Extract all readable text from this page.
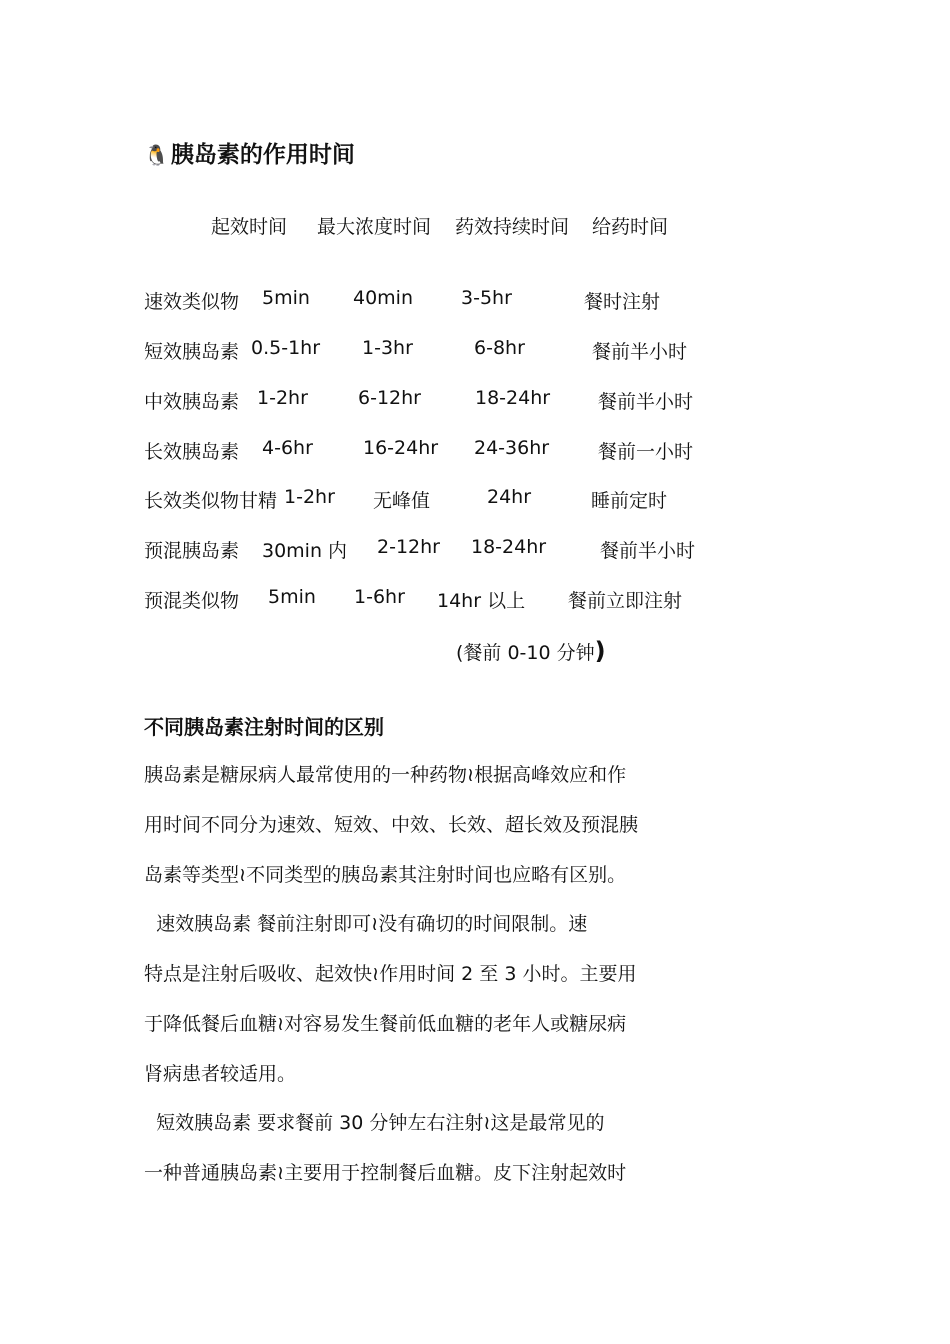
🐧胰岛素的作用时间
起效时间 最大浓度时间 药效持续时间 给药时间
速效类似物 5min 40min	3-5hr	餐时注射
短效胰岛素 0.5-1hr 1-3hr	6-8hr	餐前半小时
中效胰岛素 1-2hr	6-12hr	18-24hr	餐前半小时
长效胰岛素 4-6hr	16-24hr 24-36hr	餐前一小时
长效类似物甘精 1-2hr 无峰值	24hr	睡前定时
预混胰岛素 30min 内 2-12hr 18-24hr	餐前半小时
预混类似物 5min 1-6hr 14hr 以上 餐前立即注射
(餐前 0-10 分钟)
不同胰岛素注射时间的区别
胰岛素是糖尿病人最常使用的一种药物≀根据高峰效应和作
用时间不同分为速效、短效、中效、长效、超长效及预混胰
岛素等类型≀不同类型的胰岛素其注射时间也应略有区别。
速效胰岛素 餐前注射即可≀没有确切的时间限制。速
特点是注射后吸收、起效快≀作用时间 2 至 3 小时。主要用
于降低餐后血糖≀对容易发生餐前低血糖的老年人或糖尿病
肾病患者较适用。
短效胰岛素 要求餐前 30 分钟左右注射≀这是最常见的
一种普通胰岛素≀主要用于控制餐后血糖。皮下注射起效时
